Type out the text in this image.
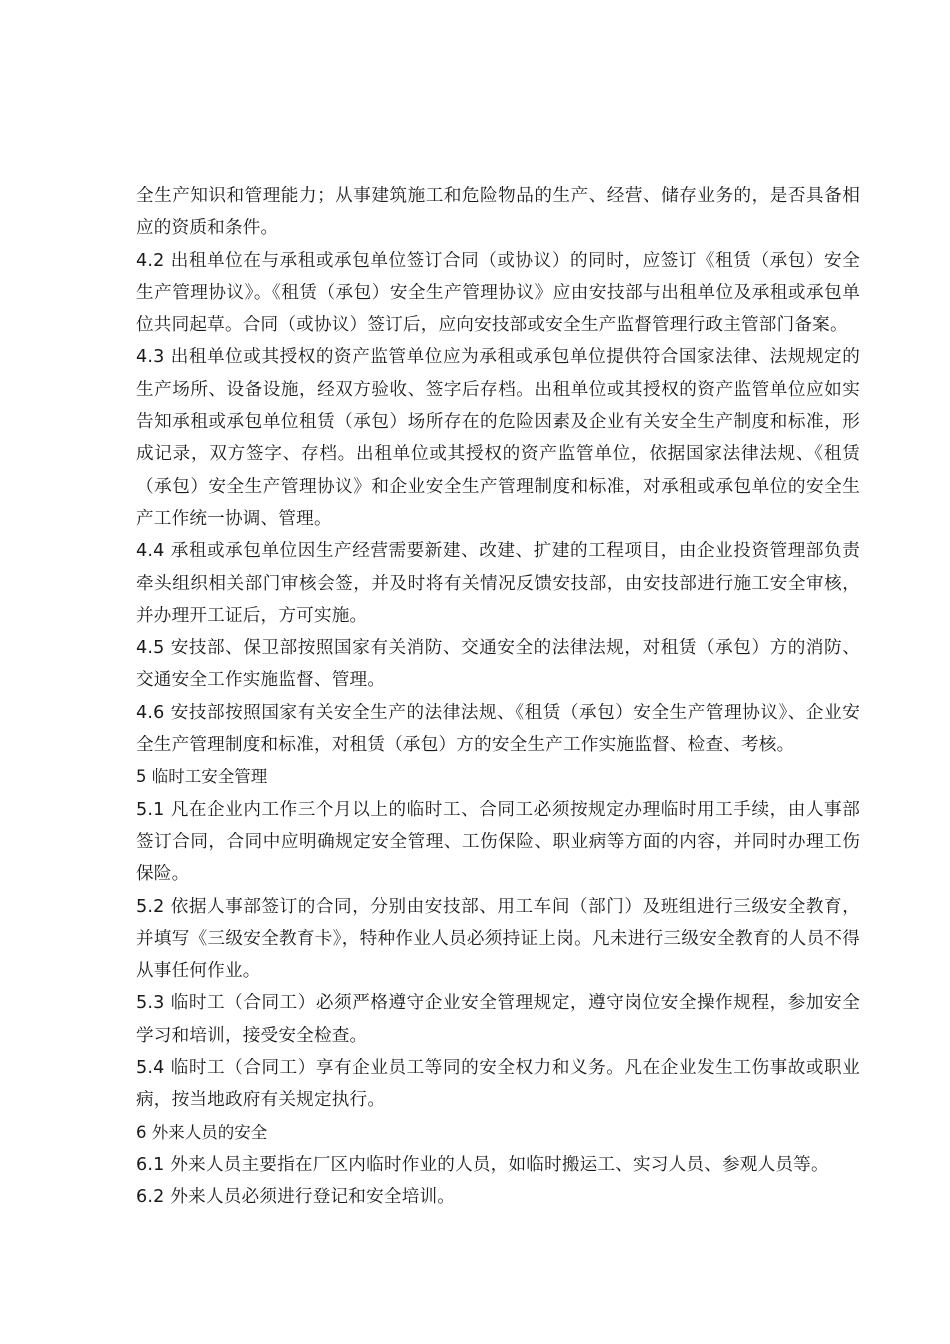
全生产知识和管理能力；从事建筑施工和危险物品的生产、经营、储存业务的，是否具备相应的资质和条件。

4.2 出租单位在与承租或承包单位签订合同（或协议）的同时，应签订《租赁（承包）安全生产管理协议》。《租赁（承包）安全生产管理协议》应由安技部与出租单位及承租或承包单位共同起草。合同（或协议）签订后，应向安技部或安全生产监督管理行政主管部门备案。

4.3 出租单位或其授权的资产监管单位应为承租或承包单位提供符合国家法律、法规规定的生产场所、设备设施，经双方验收、签字后存档。出租单位或其授权的资产监管单位应如实告知承租或承包单位租赁（承包）场所存在的危险因素及企业有关安全生产制度和标准，形成记录，双方签字、存档。出租单位或其授权的资产监管单位，依据国家法律法规、《租赁（承包）安全生产管理协议》和企业安全生产管理制度和标准，对承租或承包单位的安全生产工作统一协调、管理。

4.4 承租或承包单位因生产经营需要新建、改建、扩建的工程项目，由企业投资管理部负责牵头组织相关部门审核会签，并及时将有关情况反馈安技部，由安技部进行施工安全审核，并办理开工证后，方可实施。

4.5 安技部、保卫部按照国家有关消防、交通安全的法律法规，对租赁（承包）方的消防、交通安全工作实施监督、管理。

4.6 安技部按照国家有关安全生产的法律法规、《租赁（承包）安全生产管理协议》、企业安全生产管理制度和标准，对租赁（承包）方的安全生产工作实施监督、检查、考核。

5 临时工安全管理

5.1 凡在企业内工作三个月以上的临时工、合同工必须按规定办理临时用工手续，由人事部签订合同，合同中应明确规定安全管理、工伤保险、职业病等方面的内容，并同时办理工伤保险。

5.2 依据人事部签订的合同，分别由安技部、用工车间（部门）及班组进行三级安全教育，并填写《三级安全教育卡》，特种作业人员必须持证上岗。凡未进行三级安全教育的人员不得从事任何作业。

5.3 临时工（合同工）必须严格遵守企业安全管理规定，遵守岗位安全操作规程，参加安全学习和培训，接受安全检查。

5.4 临时工（合同工）享有企业员工等同的安全权力和义务。凡在企业发生工伤事故或职业病，按当地政府有关规定执行。

6 外来人员的安全

6.1 外来人员主要指在厂区内临时作业的人员，如临时搬运工、实习人员、参观人员等。

6.2 外来人员必须进行登记和安全培训。
